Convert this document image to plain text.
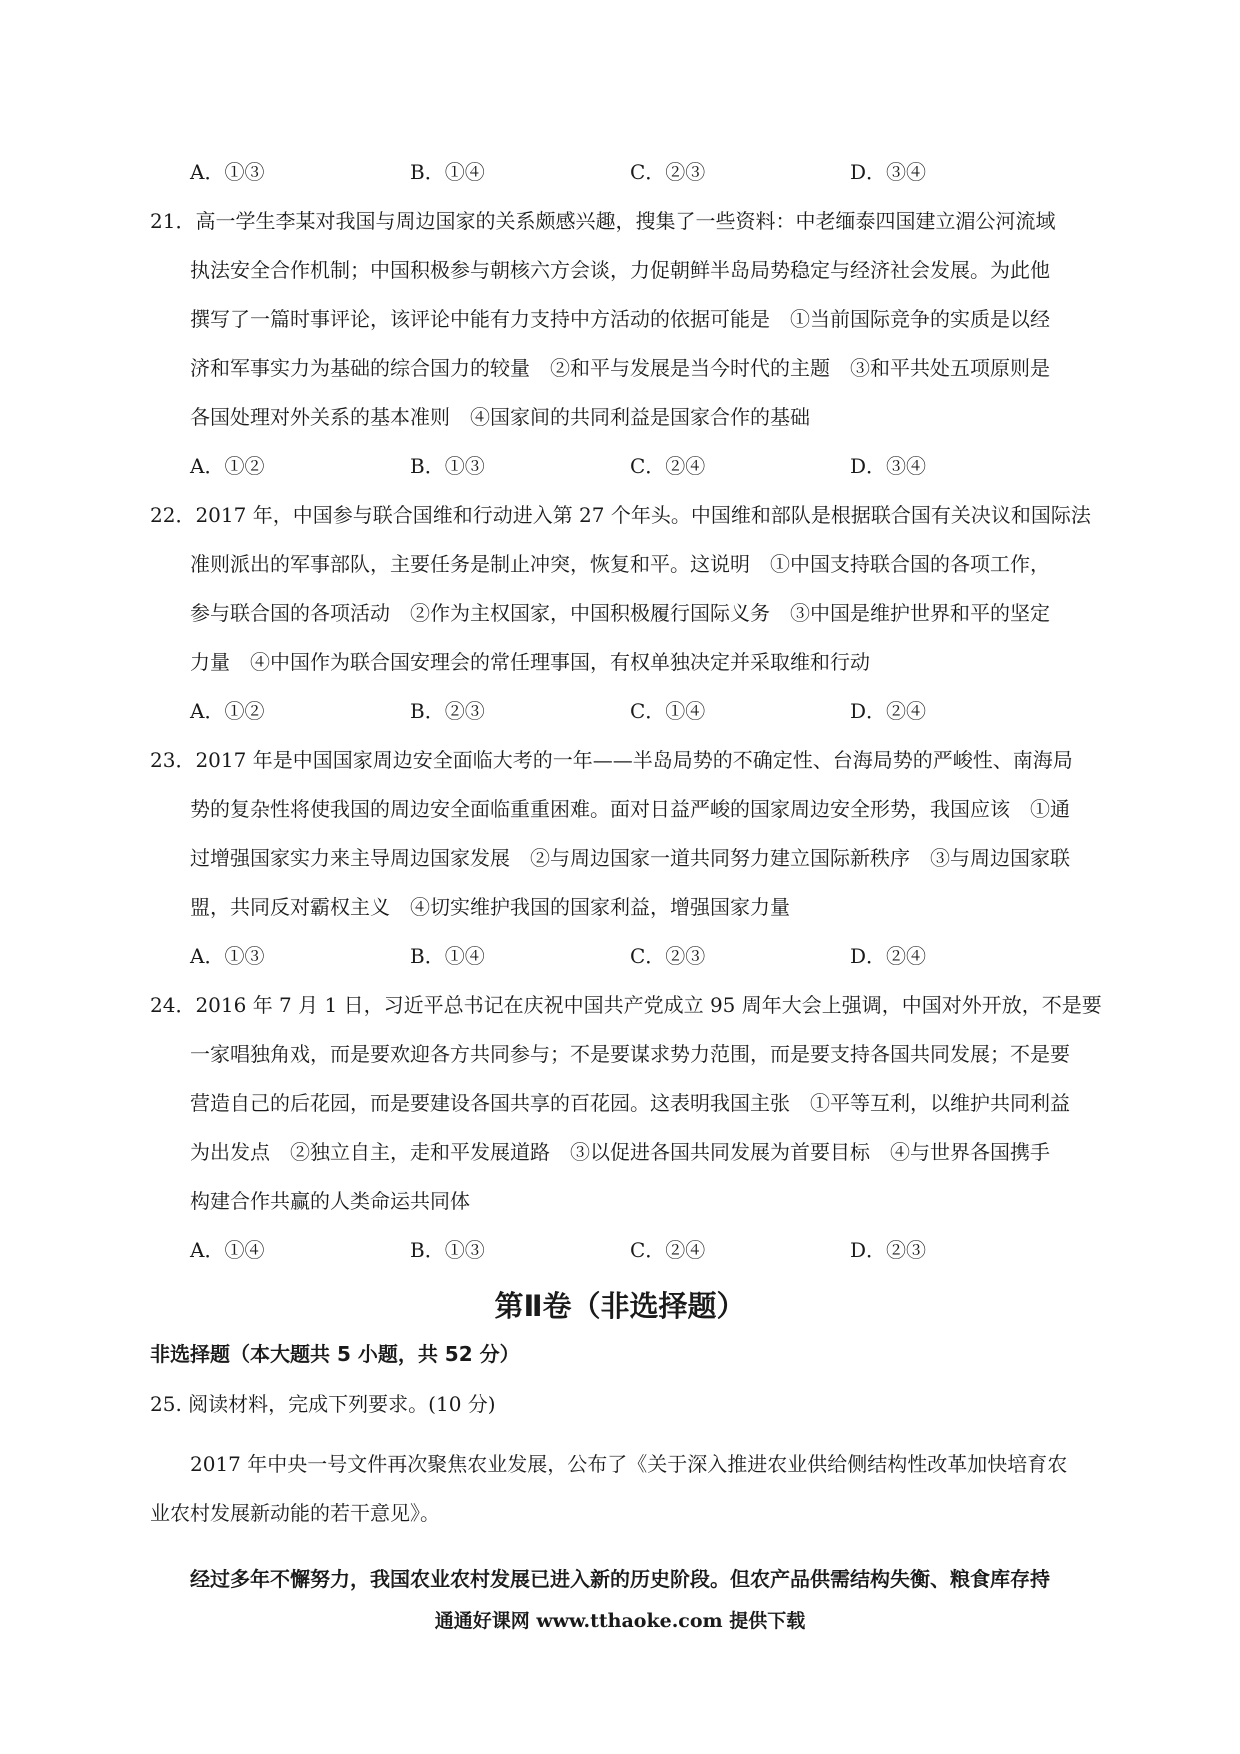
A．①③	B．①④	C．②③	D．③④
21．高一学生李某对我国与周边国家的关系颇感兴趣，搜集了一些资料：中老缅泰四国建立湄公河流域
执法安全合作机制；中国积极参与朝核六方会谈，力促朝鲜半岛局势稳定与经济社会发展。为此他
撰写了一篇时事评论，该评论中能有力支持中方活动的依据可能是　①当前国际竞争的实质是以经
济和军事实力为基础的综合国力的较量　②和平与发展是当今时代的主题　③和平共处五项原则是
各国处理对外关系的基本准则　④国家间的共同利益是国家合作的基础
A．①②	B．①③	C．②④	D．③④
22．2017 年，中国参与联合国维和行动进入第 27 个年头。中国维和部队是根据联合国有关决议和国际法
准则派出的军事部队，主要任务是制止冲突，恢复和平。这说明　①中国支持联合国的各项工作，
参与联合国的各项活动　②作为主权国家，中国积极履行国际义务　③中国是维护世界和平的坚定
力量　④中国作为联合国安理会的常任理事国，有权单独决定并采取维和行动
A．①②	B．②③	C．①④	D．②④
23．2017 年是中国国家周边安全面临大考的一年——半岛局势的不确定性、台海局势的严峻性、南海局
势的复杂性将使我国的周边安全面临重重困难。面对日益严峻的国家周边安全形势，我国应该　①通
过增强国家实力来主导周边国家发展　②与周边国家一道共同努力建立国际新秩序　③与周边国家联
盟，共同反对霸权主义　④切实维护我国的国家利益，增强国家力量
A．①③	B．①④	C．②③	D．②④
24．2016 年 7 月 1 日，习近平总书记在庆祝中国共产党成立 95 周年大会上强调，中国对外开放，不是要
一家唱独角戏，而是要欢迎各方共同参与；不是要谋求势力范围，而是要支持各国共同发展；不是要
营造自己的后花园，而是要建设各国共享的百花园。这表明我国主张　①平等互利，以维护共同利益
为出发点　②独立自主，走和平发展道路　③以促进各国共同发展为首要目标　④与世界各国携手
构建合作共赢的人类命运共同体
A．①④	B．①③	C．②④	D．②③
第Ⅱ卷（非选择题）
非选择题（本大题共 5 小题，共 52 分）
25. 阅读材料，完成下列要求。(10 分)
2017 年中央一号文件再次聚焦农业发展，公布了《关于深入推进农业供给侧结构性改革加快培育农
业农村发展新动能的若干意见》。
经过多年不懈努力，我国农业农村发展已进入新的历史阶段。但农产品供需结构失衡、粮食库存持
通通好课网 www.tthaoke.com 提供下载
